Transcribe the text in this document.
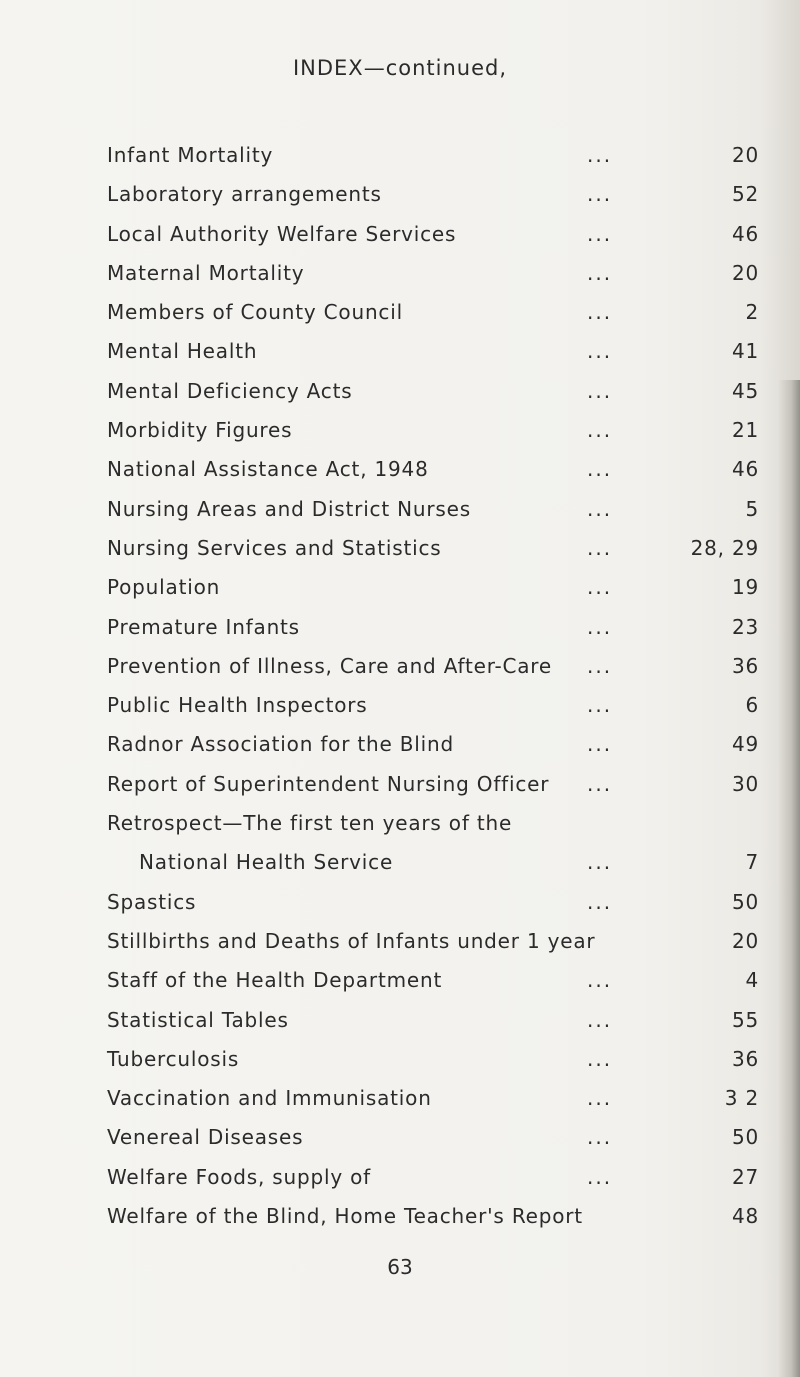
INDEX—continued,
Infant Mortality	...	20
Laboratory arrangements	...	52
Local Authority Welfare Services	...	46
Maternal Mortality	...	20
Members of County Council	...	2
Mental Health	...	41
Mental Deficiency Acts	...	45
Morbidity Figures	...	21
National Assistance Act, 1948	...	46
Nursing Areas and District Nurses	...	5
Nursing Services and Statistics	...	28, 29
Population	...	19
Premature Infants	...	23
Prevention of Illness, Care and After-Care ...	36
Public Health Inspectors	...	6
Radnor Association for the Blind	...	49
Report of Superintendent Nursing Officer ...	30
Retrospect—The first ten years of the
National Health Service	...	7
Spastics	...	50
Stillbirths and Deaths of Infants under 1 year	20
Staff of the Health Department	...	4
Statistical Tables	...	55
Tuberculosis	...	36
Vaccination and Immunisation	...	3 2
Venereal Diseases	...	50
Welfare Foods, supply of	...	27
Welfare of the Blind, Home Teacher's Report	48
63
